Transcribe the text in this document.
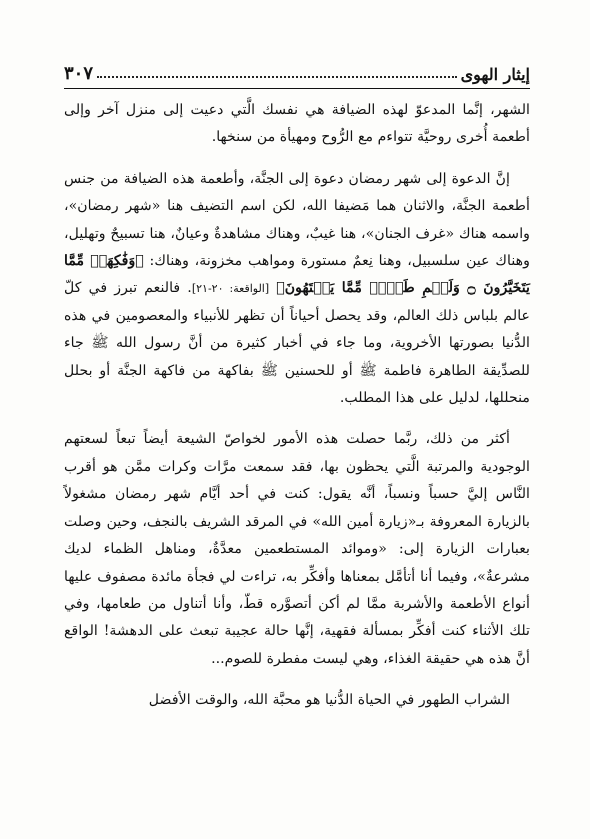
إيثار الهوى
٣٠٧

الشهر، إنَّما المدعوّ لهذه الضيافة هي نفسك الَّتي دعيت إلى منزل آخر وإلى أطعمة أُخرى روحيَّة تتواءم مع الرُّوح ومهيأة من سنخها.

إنَّ الدعوة إلى شهر رمضان دعوة إلى الجنَّة، وأطعمة هذه الضيافة من جنس أطعمة الجنَّة، والاثنان هما مَضيفا الله، لكن اسم التضيف هنا «شهر رمضان»، واسمه هناك «غرف الجنان»، هنا غيبٌ، وهناك مشاهدةٌ وعيانٌ، هنا تسبيحٌ وتهليل، وهناك عين سلسبيل، وهنا نِعمٌ مستورة ومواهب مخزونة، وهناك: ﴿وَفَٰكِهَةٖ مِّمَّا يَتَخَيَّرُونَ ۝ وَلَحۡمِ طَيۡرٖ مِّمَّا يَشۡتَهُونَ﴾ [الواقعة: ٢٠-٢١]. فالنعم تبرز في كلّ عالم بلباس ذلك العالم، وقد يحصل أحياناً أن تظهر للأنبياء والمعصومين في هذه الدُّنيا بصورتها الأخروية، وما جاء في أخبار كثيرة من أنَّ رسول الله ﷺ جاء للصدِّيقة الطاهرة فاطمة ﷺ أو للحسنين ﷺ بفاكهة من فاكهة الجنَّة أو بحلل منحللها، لدليل على هذا المطلب.

أكثر من ذلك، ربَّما حصلت هذه الأمور لخواصّ الشيعة أيضاً تبعاً لسعتهم الوجودية والمرتبة الَّتي يحظون بها، فقد سمعت مرَّات وكرات ممَّن هو أقرب النَّاس إليَّ حسباً ونسباً، أنَّه يقول: كنت في أحد أيَّام شهر رمضان مشغولاً بالزيارة المعروفة بـ«زيارة أمين الله» في المرقد الشريف بالنجف، وحين وصلت بعبارات الزيارة إلى: «وموائد المستطعمين معدَّةٌ، ومناهل الظماء لديك مشرعةٌ»، وفيما أنا أتأمَّل بمعناها وأفكِّر به، تراءت لي فجأة مائدة مصفوف عليها أنواع الأطعمة والأشربة ممَّا لم أكن أتصوَّره قطّ، وأنا أتناول من طعامها، وفي تلك الأثناء كنت أفكِّر بمسألة فقهية، إنَّها حالة عجيبة تبعث على الدهشة! الواقع أنَّ هذه هي حقيقة الغذاء، وهي ليست مفطرة للصوم...

الشراب الطهور في الحياة الدُّنيا هو محبَّة الله، والوقت الأفضل
